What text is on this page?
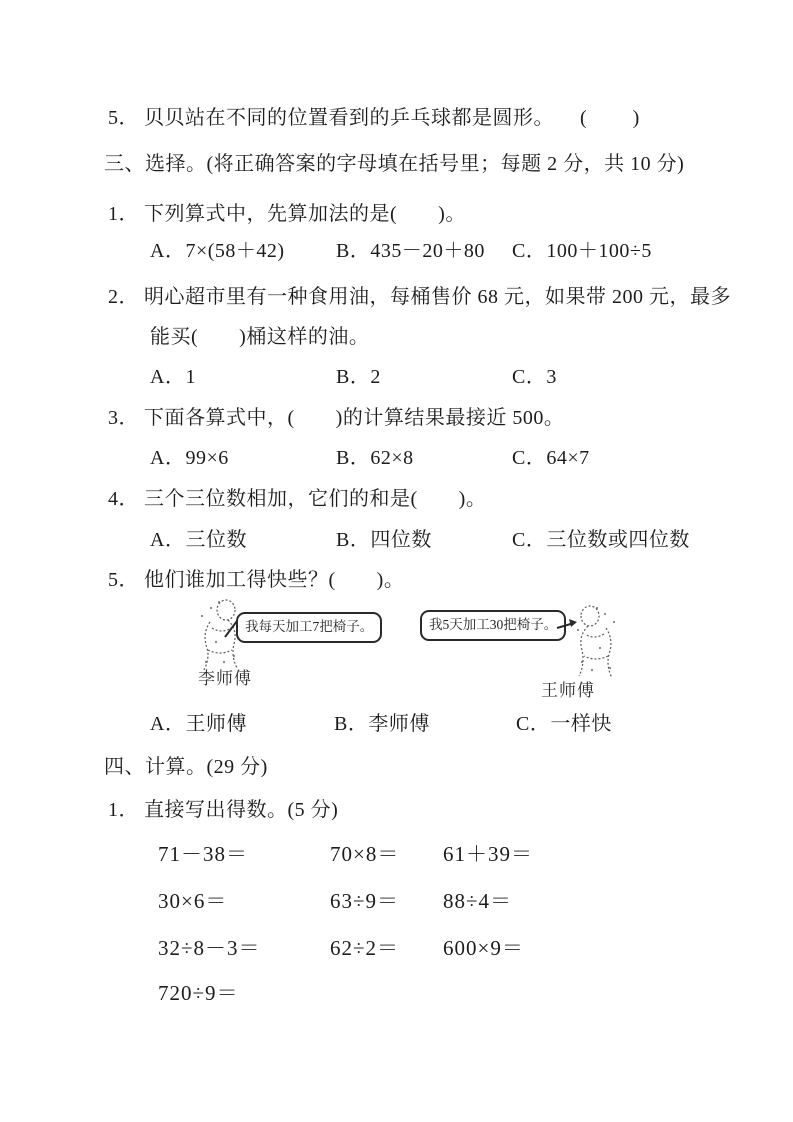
5． 贝贝站在不同的位置看到的乒乓球都是圆形。 (　　)
三、选择。(将正确答案的字母填在括号里；每题 2 分，共 10 分)
1． 下列算式中，先算加法的是(　　)。
A．7×(58＋42)	B．435－20＋80 C．100＋100÷5
2． 明心超市里有一种食用油，每桶售价 68 元，如果带 200 元，最多
能买(　　)桶这样的油。
A．1	B．2	C．3
3． 下面各算式中，(　　)的计算结果最接近 500。
A．99×6	B．62×8	C．64×7
4． 三个三位数相加，它们的和是(　　)。
A．三位数	B．四位数	C．三位数或四位数
5． 他们谁加工得快些？(　　)。
我每天加工7把椅子。
李师傅
我5天加工30把椅子。
王师傅
A．王师傅	B．李师傅	C．一样快
四、计算。(29 分)
1． 直接写出得数。(5 分)
71－38＝	70×8＝ 61＋39＝
30×6＝	63÷9＝ 88÷4＝
32÷8－3＝	62÷2＝ 600×9＝
720÷9＝
